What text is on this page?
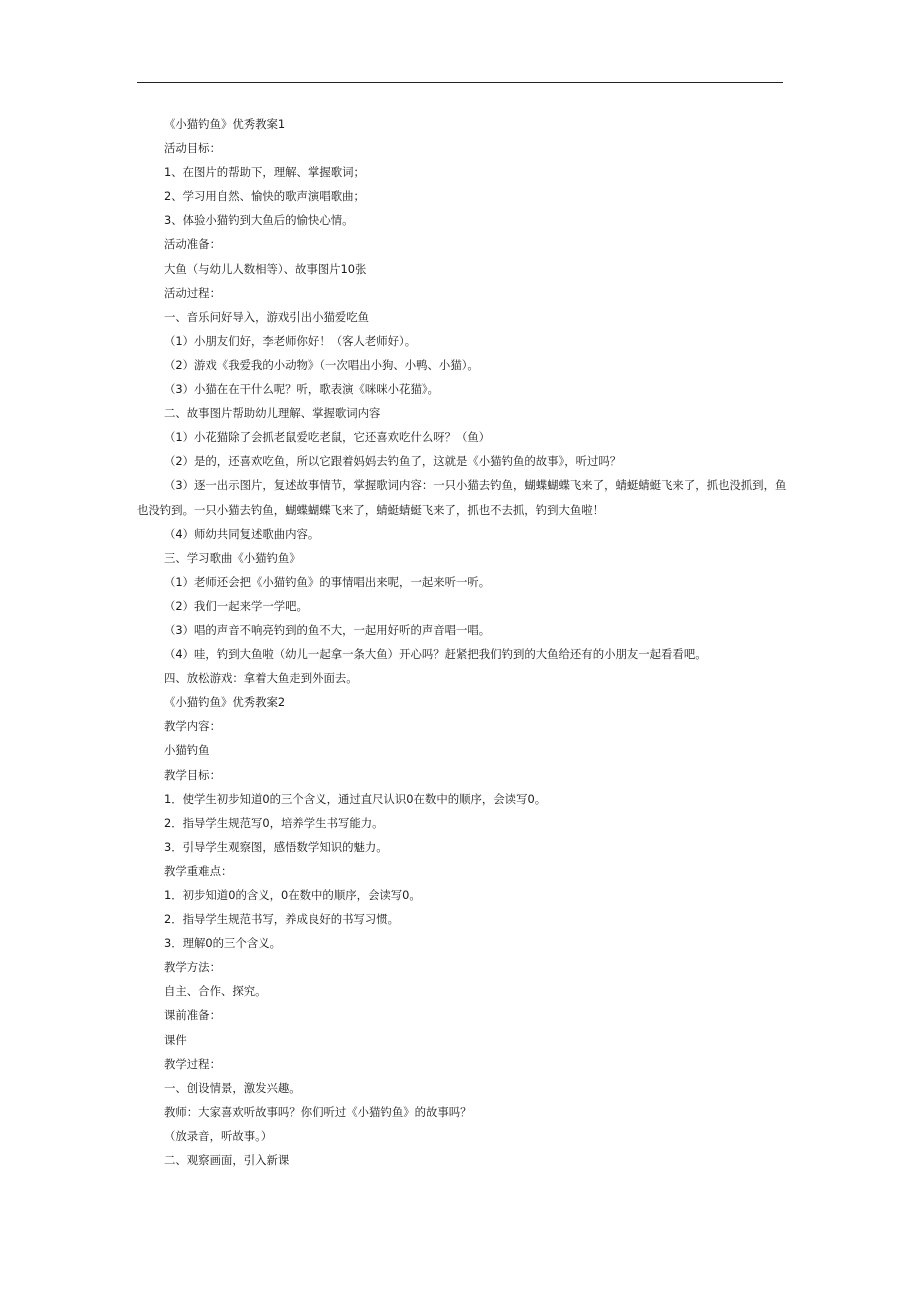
《小猫钓鱼》优秀教案1

活动目标：

1、在图片的帮助下，理解、掌握歌词；

2、学习用自然、愉快的歌声演唱歌曲；

3、体验小猫钓到大鱼后的愉快心情。

活动准备：

大鱼（与幼儿人数相等）、故事图片10张

活动过程：

一、音乐问好导入，游戏引出小猫爱吃鱼

（1）小朋友们好，李老师你好！（客人老师好）。

（2）游戏《我爱我的小动物》（一次唱出小狗、小鸭、小猫）。

（3）小猫在在干什么呢？听，歌表演《咪咪小花猫》。

二、故事图片帮助幼儿理解、掌握歌词内容

（1）小花猫除了会抓老鼠爱吃老鼠，它还喜欢吃什么呀？（鱼）

（2）是的，还喜欢吃鱼，所以它跟着妈妈去钓鱼了，这就是《小猫钓鱼的故事》，听过吗？

（3）逐一出示图片，复述故事情节，掌握歌词内容：一只小猫去钓鱼，蝴蝶蝴蝶飞来了，蜻蜓蜻蜓飞来了，抓也没抓到，鱼也没钓到。一只小猫去钓鱼，蝴蝶蝴蝶飞来了，蜻蜓蜻蜓飞来了，抓也不去抓，钓到大鱼啦！

（4）师幼共同复述歌曲内容。

三、学习歌曲《小猫钓鱼》

（1）老师还会把《小猫钓鱼》的事情唱出来呢，一起来听一听。

（2）我们一起来学一学吧。

（3）唱的声音不响亮钓到的鱼不大，一起用好听的声音唱一唱。

（4）哇，钓到大鱼啦（幼儿一起拿一条大鱼）开心吗？赶紧把我们钓到的大鱼给还有的小朋友一起看看吧。

四、放松游戏：拿着大鱼走到外面去。

《小猫钓鱼》优秀教案2

教学内容：

小猫钓鱼

教学目标：

1．使学生初步知道0的三个含义，通过直尺认识0在数中的顺序，会读写0。

2．指导学生规范写0，培养学生书写能力。

3．引导学生观察图，感悟数学知识的魅力。

教学重难点：

1．初步知道0的含义，0在数中的顺序，会读写0。

2．指导学生规范书写，养成良好的书写习惯。

3．理解0的三个含义。

教学方法：

自主、合作、探究。

课前准备：

课件

教学过程：

一、创设情景，激发兴趣。

教师：大家喜欢听故事吗？你们听过《小猫钓鱼》的故事吗？

（放录音，听故事。）

二、观察画面，引入新课
